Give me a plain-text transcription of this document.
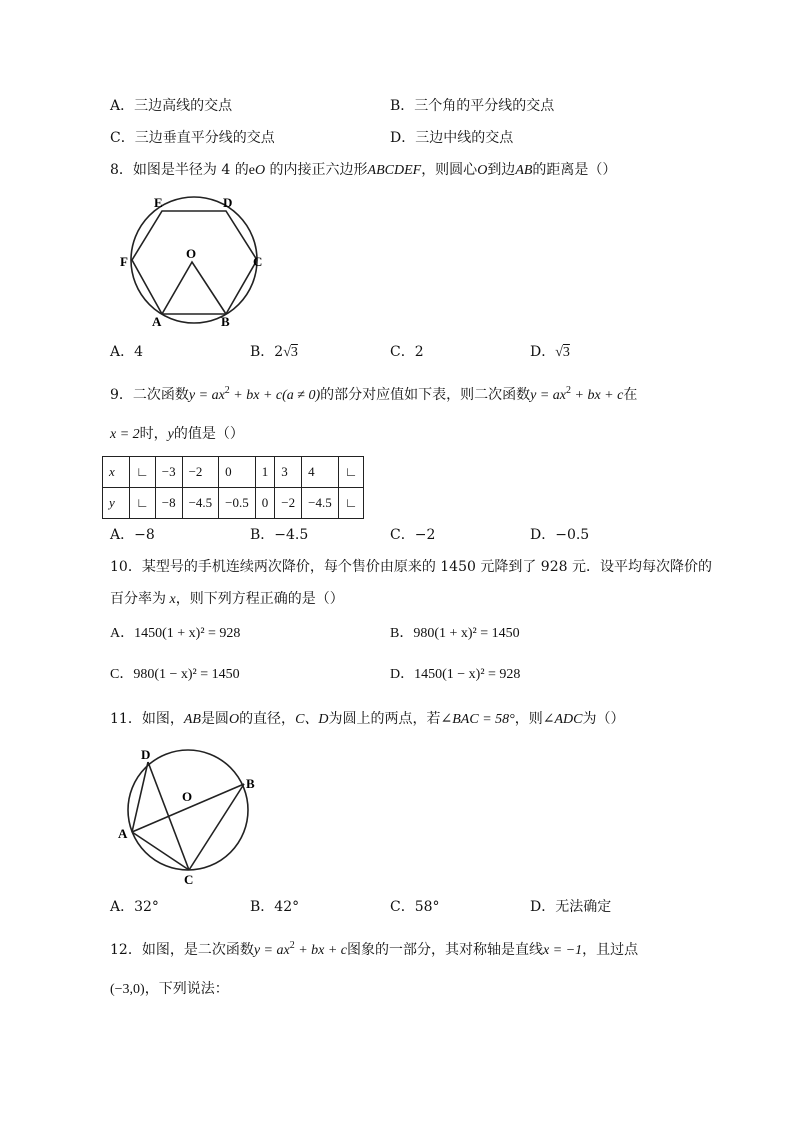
A．三边高线的交点	B．三个角的平分线的交点
C．三边垂直平分线的交点	D．三边中线的交点
8．如图是半径为 4 的eO 的内接正六边形ABCDEF，则圆心O到边AB的距离是（）
E	D
F
O
C
A	B
A．4	B．2√3	C．2	D．√3
9．二次函数$y = ax^2$ + bx + c(a ≠ 0)的部分对应值如下表，则二次函数$y = ax^2$ + bx + c在
x = 2时，y的值是（）
x	∟	−3	−2	0	1	3	4	∟
y	∟	−8	−4.5	−0.5	0	−2	−4.5	∟
A．−8	B．−4.5	C．−2	D．−0.5
10．某型号的手机连续两次降价，每个售价由原来的 1450 元降到了 928 元．设平均每次降价的
百分率为 x，则下列方程正确的是（）
A．1450(1 + x)² = 928	B．980(1 + x)² = 1450
C．980(1 − x)² = 1450	D．1450(1 − x)² = 928
11．如图，AB是圆O的直径，C、D为圆上的两点，若∠BAC = 58°，则∠ADC为（）
D
B
O
A
C
A．32°	B．42°	C．58°	D．无法确定
12．如图，是二次函数$y = ax^2$ + bx + c图象的一部分，其对称轴是直线x = −1，且过点
(−3,0)，下列说法：
